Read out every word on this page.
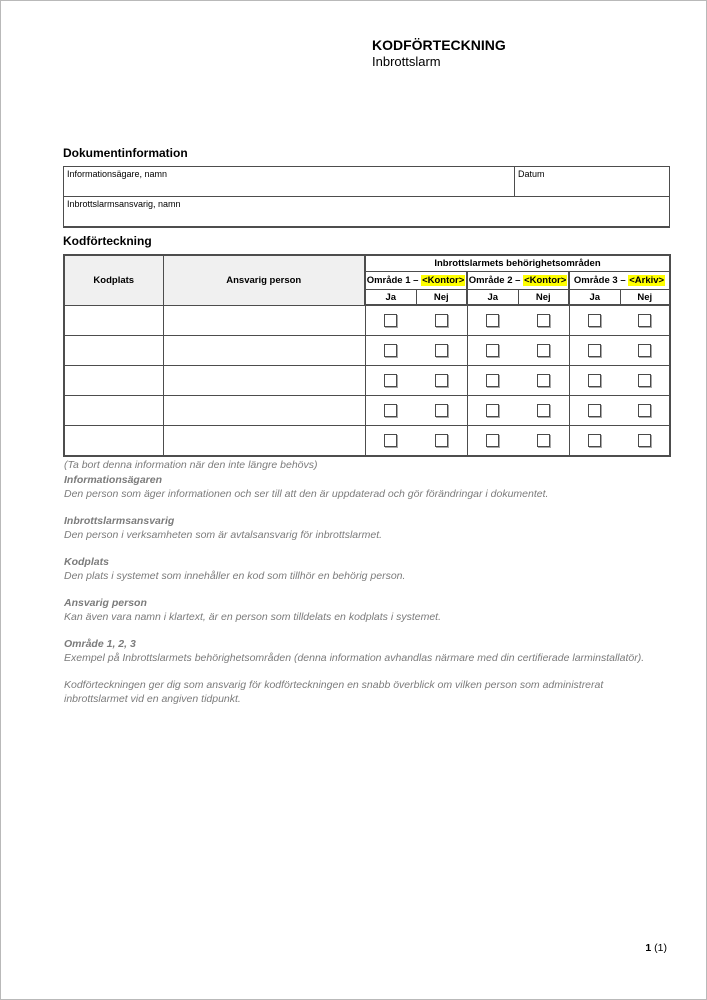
KODFÖRTECKNING
Inbrottslarm
Dokumentinformation
Informationsägare, namn	Datum
Inbrottslarmsansvarig, namn
Kodförteckning
Kodplats	Ansvarig person	Inbrottslarmets behörighetsområden					
		Område 1 – <Kontor>		Område 2 – <Kontor>		Område 3 – <Arkiv>	
		Ja	Nej	Ja	Nej	Ja	Nej

(Ta bort denna information när den inte längre behövs)
Informationsägaren
Den person som äger informationen och ser till att den är uppdaterad och gör förändringar i dokumentet.
Inbrottslarmsansvarig
Den person i verksamheten som är avtalsansvarig för inbrottslarmet.
Kodplats
Den plats i systemet som innehåller en kod som tillhör en behörig person.
Ansvarig person
Kan även vara namn i klartext, är en person som tilldelats en kodplats i systemet.
Område 1, 2, 3
Exempel på Inbrottslarmets behörighetsområden (denna information avhandlas närmare med din certifierade larminstallatör).
Kodförteckningen ger dig som ansvarig för kodförteckningen en snabb överblick om vilken person som administrerat inbrottslarmet vid en angiven tidpunkt.
1 (1)
